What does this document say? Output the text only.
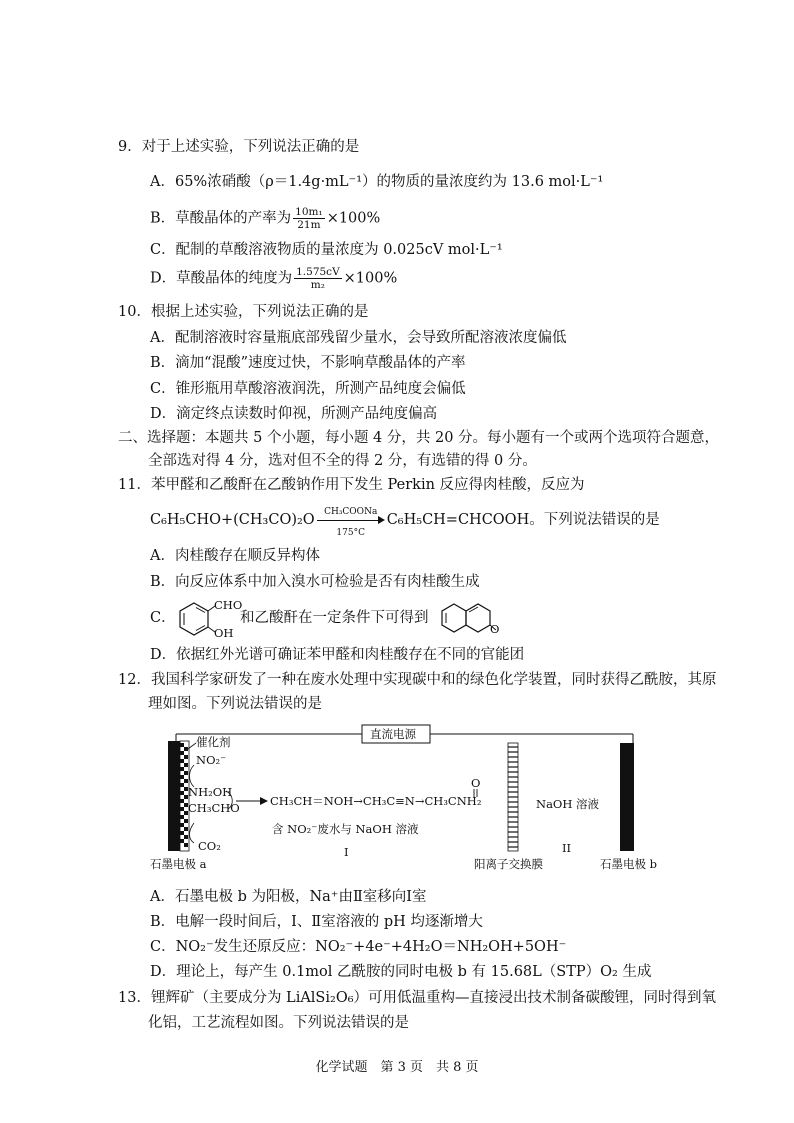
9．对于上述实验，下列说法正确的是
A．65%浓硝酸（ρ＝1.4g·mL⁻¹）的物质的量浓度约为 13.6 mol·L⁻¹
B．草酸晶体的产率为 $\frac{\text{10m₁}}{21m} \times 100\%$
C．配制的草酸溶液物质的量浓度为 0.025cV mol·L⁻¹
D．草酸晶体的纯度为 $\frac{1.575cV}{\text{m₂}} \times 100\%$
10．根据上述实验，下列说法正确的是
A．配制溶液时容量瓶底部残留少量水，会导致所配溶液浓度偏低
B．滴加“混酸”速度过快，不影响草酸晶体的产率
C．锥形瓶用草酸溶液润洗，所测产品纯度会偏低
D．滴定终点读数时仰视，所测产品纯度偏高
二、选择题：本题共 5 个小题，每小题 4 分，共 20 分。每小题有一个或两个选项符合题意，
全部选对得 4 分，选对但不全的得 2 分，有选错的得 0 分。
11．苯甲醛和乙酸酐在乙酸钠作用下发生 Perkin 反应得肉桂酸，反应为
C₆H₅CHO+(CH₃CO)₂O	CH₃COONa
175°C
C₆H₅CH=CHCOOH。下列说法错误的是
A．肉桂酸存在顺反异构体
B．向反应体系中加入溴水可检验是否有肉桂酸生成
C．
CHO
OH
和乙酸酐在一定条件下可得到
O
D．依据红外光谱可确证苯甲醛和肉桂酸存在不同的官能团
12．我国科学家研发了一种在废水处理中实现碳中和的绿色化学装置，同时获得乙酰胺，其原
理如图。下列说法错误的是
直流电源
催化剂
NO₂⁻
NH₂OH
CH₃CHO
CO₂
CH₃CH＝NOH→CH₃C≡N→CH₃CNH₂
O
含 NO₂⁻废水与 NaOH 溶液
NaOH 溶液
I	II
石墨电极 a	阳离子交换膜	石墨电极 b
A．石墨电极 b 为阳极，Na⁺由Ⅱ室移向Ⅰ室
B．电解一段时间后，Ⅰ、Ⅱ室溶液的 pH 均逐渐增大
C．NO₂⁻发生还原反应：NO₂⁻+4e⁻+4H₂O＝NH₂OH+5OH⁻
D．理论上，每产生 0.1mol 乙酰胺的同时电极 b 有 15.68L（STP）O₂ 生成
13．锂辉矿（主要成分为 LiAlSi₂O₆）可用低温重构—直接浸出技术制备碳酸锂，同时得到氧
化铝，工艺流程如图。下列说法错误的是
化学试题　第 3 页　共 8 页
